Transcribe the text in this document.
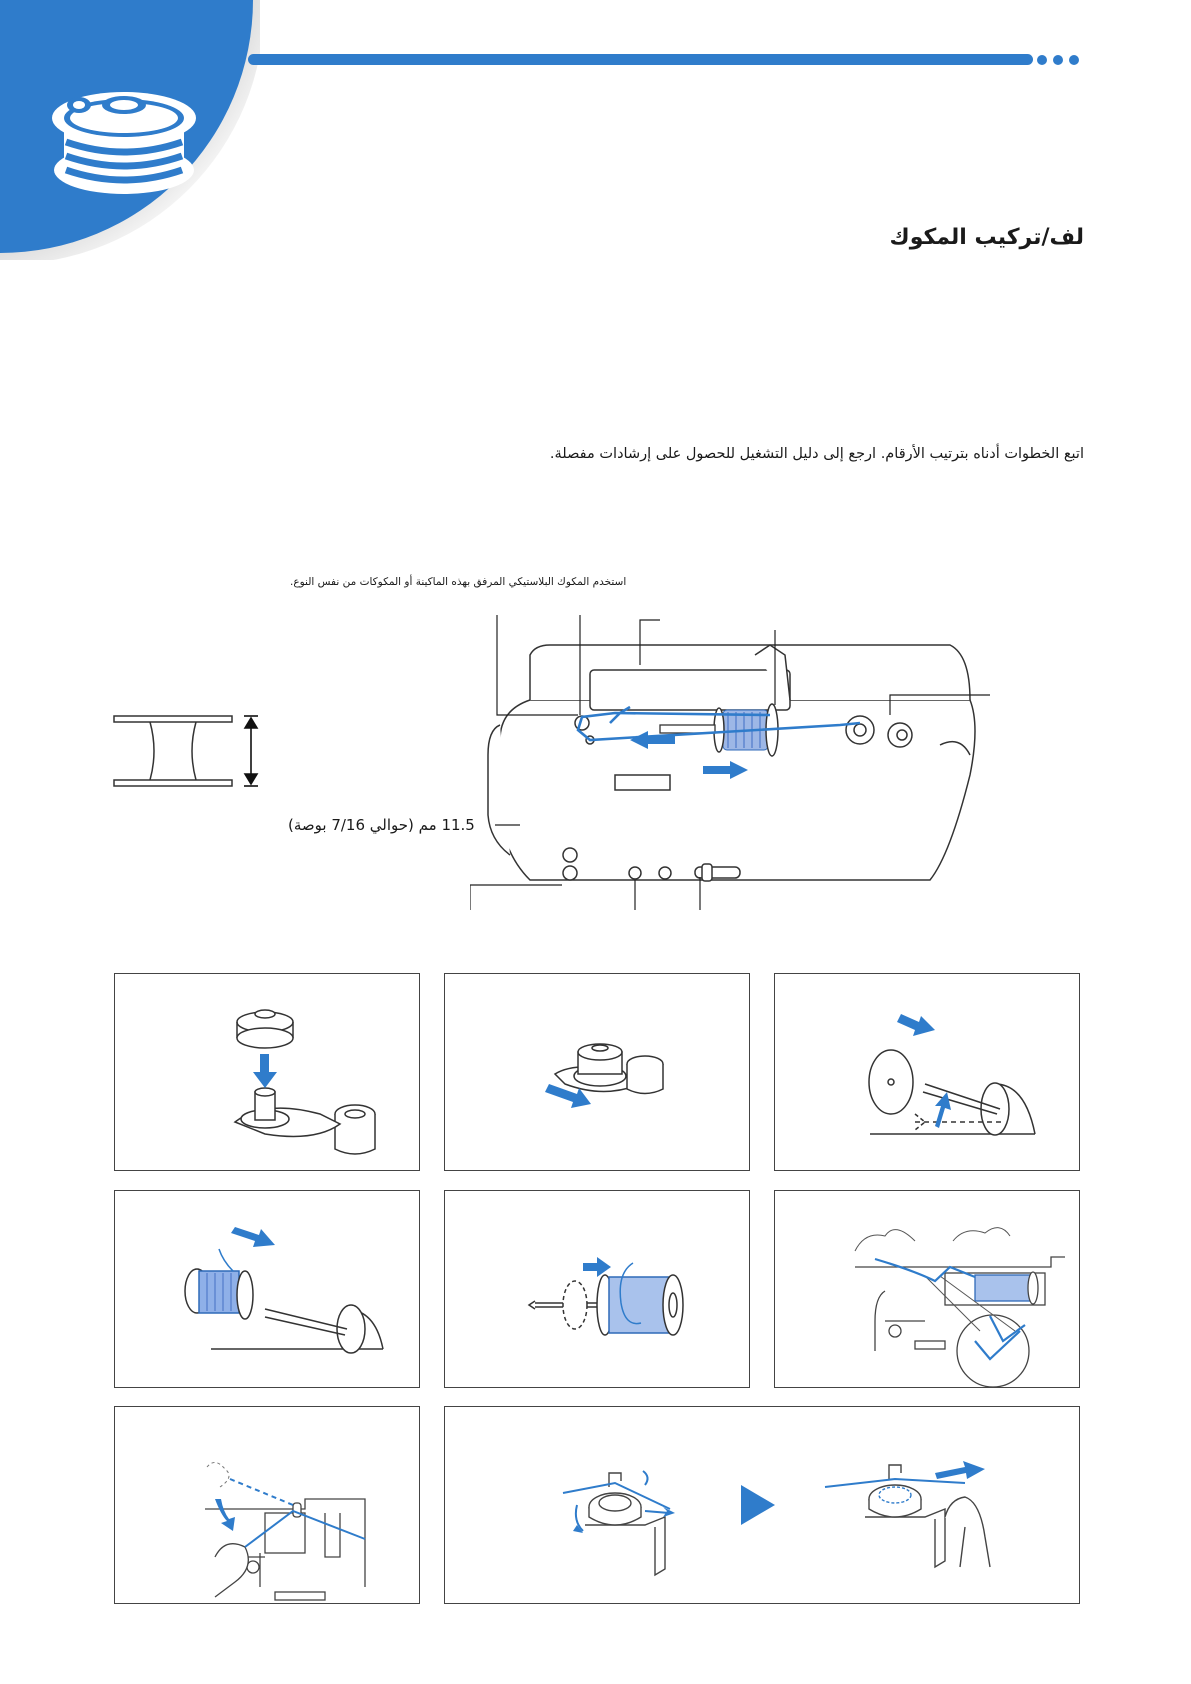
لف/تركيب المكوك
اتبع الخطوات أدناه بترتيب الأرقام. ارجع إلى دليل التشغيل للحصول على إرشادات مفصلة.
استخدم المكوك البلاستيكي المرفق بهذه الماكينة أو المكوكات من نفس النوع.
11.5 مم (حوالي 7/16 بوصة)
